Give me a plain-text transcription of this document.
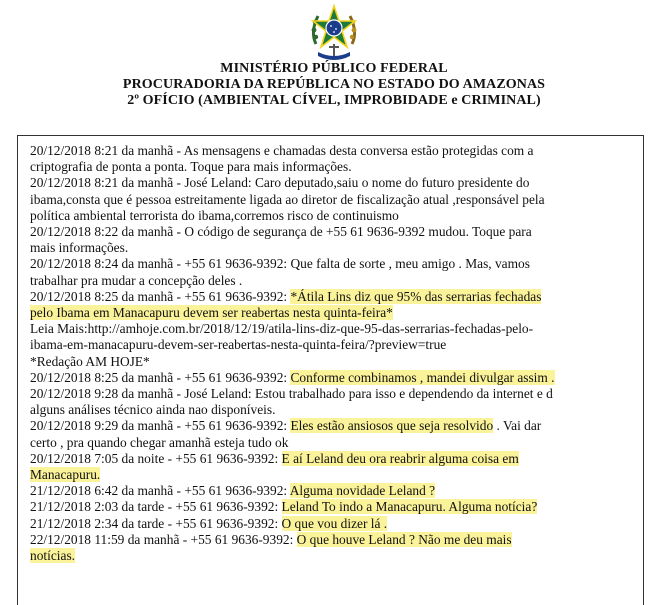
MINISTÉRIO PÚBLICO FEDERAL
PROCURADORIA DA REPÚBLICA NO ESTADO DO AMAZONAS
2º OFÍCIO (AMBIENTAL CÍVEL, IMPROBIDADE e CRIMINAL)
20/12/2018 8:21 da manhã - As mensagens e chamadas desta conversa estão protegidas com a
criptografia de ponta a ponta. Toque para mais informações.
20/12/2018 8:21 da manhã - José Leland: Caro deputado,saiu o nome do futuro presidente do
ibama,consta que é pessoa estreitamente ligada ao diretor de fiscalização atual ,responsável pela
política ambiental terrorista do ibama,corremos risco de continuismo
20/12/2018 8:22 da manhã - O código de segurança de +55 61 9636-9392 mudou. Toque para
mais informações.
20/12/2018 8:24 da manhã - +55 61 9636-9392: Que falta de sorte , meu amigo . Mas, vamos
trabalhar pra mudar a concepção deles .
20/12/2018 8:25 da manhã - +55 61 9636-9392: *Átila Lins diz que 95% das serrarias fechadas
pelo Ibama em Manacapuru devem ser reabertas nesta quinta-feira*
Leia Mais:http://amhoje.com.br/2018/12/19/atila-lins-diz-que-95-das-serrarias-fechadas-pelo-
ibama-em-manacapuru-devem-ser-reabertas-nesta-quinta-feira/?preview=true
*Redação AM HOJE*
20/12/2018 8:25 da manhã - +55 61 9636-9392: Conforme combinamos , mandei divulgar assim .
20/12/2018 9:28 da manhã - José Leland: Estou trabalhado para isso e dependendo da internet e d
alguns análises técnico ainda nao disponíveis.
20/12/2018 9:29 da manhã - +55 61 9636-9392: Eles estão ansiosos que seja resolvido . Vai dar
certo , pra quando chegar amanhã esteja tudo ok
20/12/2018 7:05 da noite - +55 61 9636-9392: E aí Leland deu ora reabrir alguma coisa em
Manacapuru.
21/12/2018 6:42 da manhã - +55 61 9636-9392: Alguma novidade Leland ?
21/12/2018 2:03 da tarde - +55 61 9636-9392: Leland To indo a Manacapuru. Alguma notícia?
21/12/2018 2:34 da tarde - +55 61 9636-9392: O que vou dizer lá .
22/12/2018 11:59 da manhã - +55 61 9636-9392: O que houve Leland ? Não me deu mais
notícias.
